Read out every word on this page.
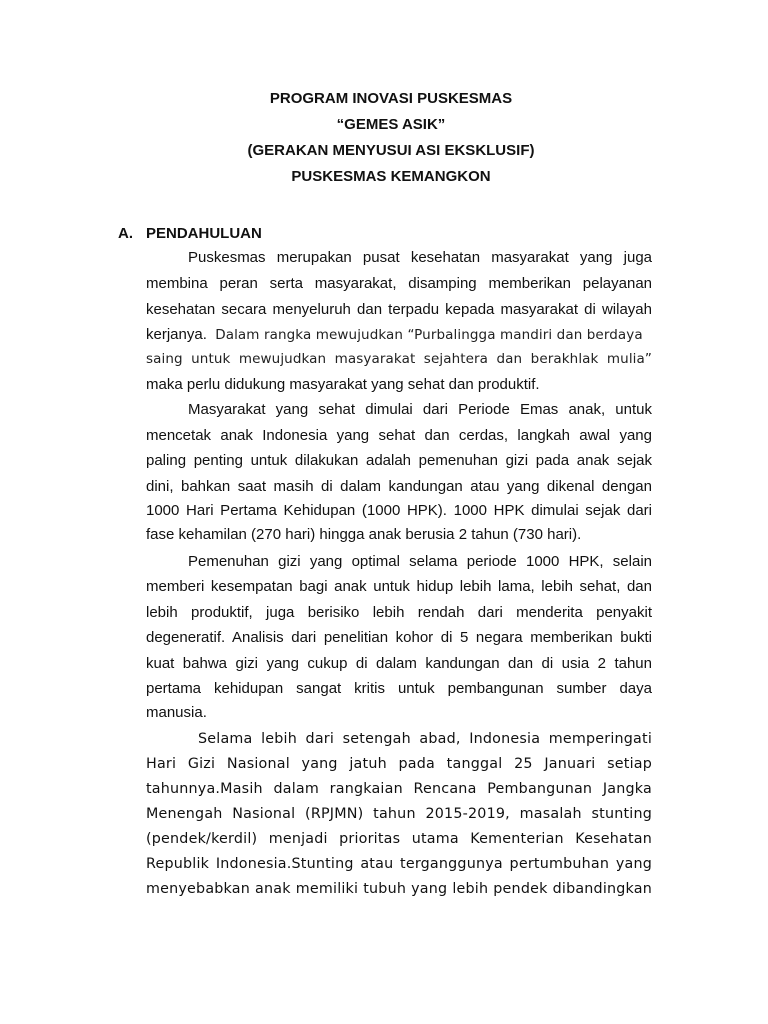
PROGRAM INOVASI PUSKESMAS
“GEMES ASIK”
(GERAKAN MENYUSUI ASI EKSKLUSIF)
PUSKESMAS KEMANGKON
A. PENDAHULUAN
Puskesmas merupakan pusat kesehatan masyarakat yang juga
membina peran serta masyarakat, disamping memberikan pelayanan
kesehatan secara menyeluruh dan terpadu kepada masyarakat di wilayah
kerjanya. Dalam rangka mewujudkan “Purbalingga mandiri dan berdaya
saing untuk mewujudkan masyarakat sejahtera dan berakhlak mulia”
maka perlu didukung masyarakat yang sehat dan produktif.
Masyarakat yang sehat dimulai dari Periode Emas anak, untuk
mencetak anak Indonesia yang sehat dan cerdas, langkah awal yang
paling penting untuk dilakukan adalah pemenuhan gizi pada anak sejak
dini, bahkan saat masih di dalam kandungan atau yang dikenal dengan
1000 Hari Pertama Kehidupan (1000 HPK). 1000 HPK dimulai sejak dari
fase kehamilan (270 hari) hingga anak berusia 2 tahun (730 hari).
Pemenuhan gizi yang optimal selama periode 1000 HPK, selain
memberi kesempatan bagi anak untuk hidup lebih lama, lebih sehat, dan
lebih produktif, juga berisiko lebih rendah dari menderita penyakit
degeneratif. Analisis dari penelitian kohor di 5 negara memberikan bukti
kuat bahwa gizi yang cukup di dalam kandungan dan di usia 2 tahun
pertama kehidupan sangat kritis untuk pembangunan sumber daya
manusia.
Selama lebih dari setengah abad, Indonesia memperingati
Hari Gizi Nasional yang jatuh pada tanggal 25 Januari setiap
tahunnya.Masih dalam rangkaian Rencana Pembangunan Jangka
Menengah Nasional (RPJMN) tahun 2015-2019, masalah stunting
(pendek/kerdil) menjadi prioritas utama Kementerian Kesehatan
Republik Indonesia.Stunting atau terganggunya pertumbuhan yang
menyebabkan anak memiliki tubuh yang lebih pendek dibandingkan
